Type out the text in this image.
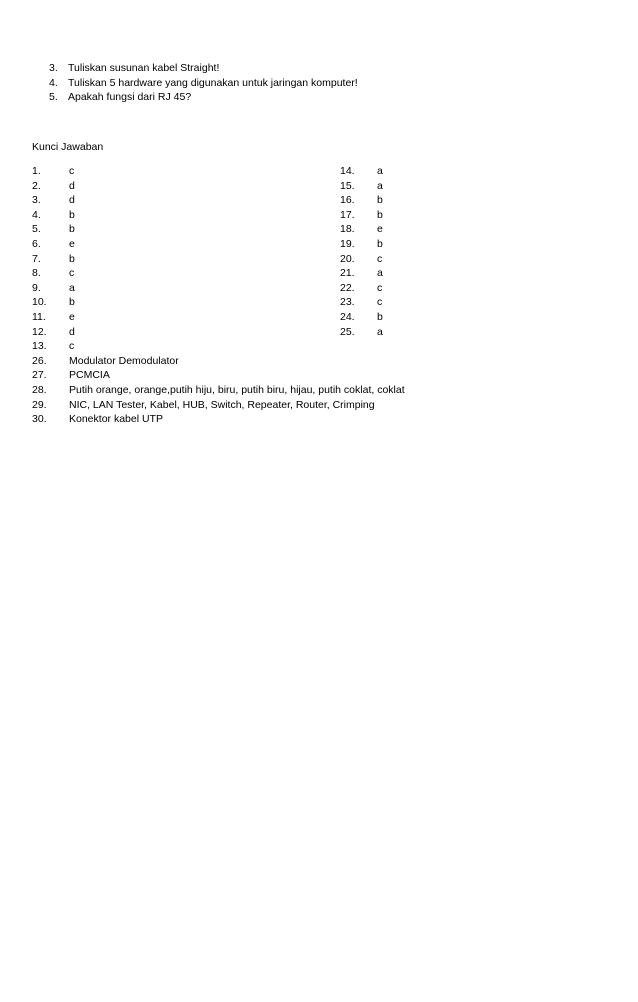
3. Tuliskan susunan kabel Straight!
4. Tuliskan 5 hardware yang digunakan untuk jaringan komputer!
5. Apakah fungsi dari RJ 45?
Kunci Jawaban
1.	c	14. a
2.	d	15. a
3.	d	16. b
4.	b	17. b
5.	b	18. e
6.	e	19. b
7.	b	20. c
8.	c	21. a
9.	a	22. c
10. b	23. c
11. e	24. b
12. d	25. a
13. c
26. Modulator Demodulator
27. PCMCIA
28. Putih orange, orange,putih hiju, biru, putih biru, hijau, putih coklat, coklat
29. NIC, LAN Tester, Kabel, HUB, Switch, Repeater, Router, Crimping
30. Konektor kabel UTP
